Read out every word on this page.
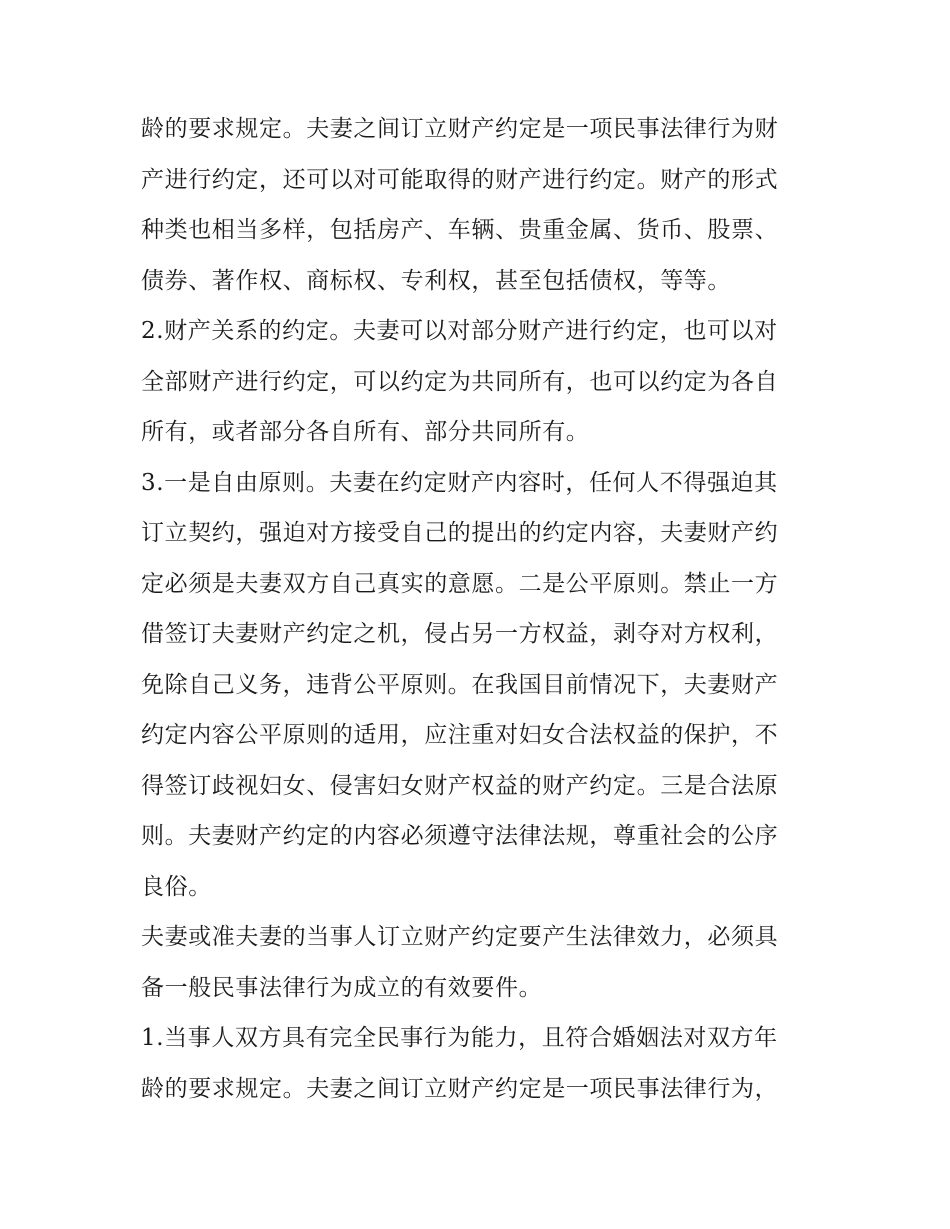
龄的要求规定。夫妻之间订立财产约定是一项民事法律行为财
产进行约定，还可以对可能取得的财产进行约定。财产的形式
种类也相当多样，包括房产、车辆、贵重金属、货币、股票、
债券、著作权、商标权、专利权，甚至包括债权，等等。
2.财产关系的约定。夫妻可以对部分财产进行约定，也可以对
全部财产进行约定，可以约定为共同所有，也可以约定为各自
所有，或者部分各自所有、部分共同所有。
3.一是自由原则。夫妻在约定财产内容时，任何人不得强迫其
订立契约，强迫对方接受自己的提出的约定内容，夫妻财产约
定必须是夫妻双方自己真实的意愿。二是公平原则。禁止一方
借签订夫妻财产约定之机，侵占另一方权益，剥夺对方权利，
免除自己义务，违背公平原则。在我国目前情况下，夫妻财产
约定内容公平原则的适用，应注重对妇女合法权益的保护，不
得签订歧视妇女、侵害妇女财产权益的财产约定。三是合法原
则。夫妻财产约定的内容必须遵守法律法规，尊重社会的公序
良俗。
夫妻或准夫妻的当事人订立财产约定要产生法律效力，必须具
备一般民事法律行为成立的有效要件。
1.当事人双方具有完全民事行为能力，且符合婚姻法对双方年
龄的要求规定。夫妻之间订立财产约定是一项民事法律行为，
